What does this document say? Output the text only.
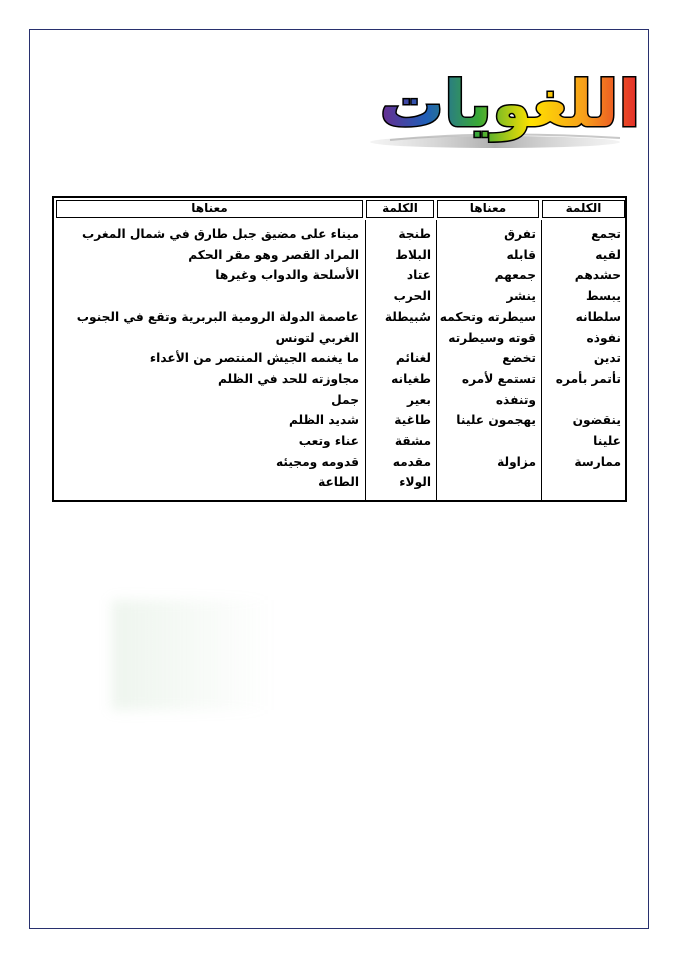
اللغويات
الكلمة
معناها
الكلمة
معناها
تجمع
تفرق
طنجة
ميناء على مضيق جبل طارق في شمال المغرب
لقيه
قابله
البلاط
المراد القصر وهو مقر الحكم
حشدهم
جمعهم
عتاد
الأسلحة والدواب وغيرها
يبسط
ينشر
الحرب
سلطانه
سيطرته وتحكمه
سُبيطلة
عاصمة الدولة الرومية البربرية وتقع في الجنوب
نفوذه
قوته وسيطرته
الغربي لتونس
تدين
تخضع
لغنائم
ما يغنمه الجيش المنتصر من الأعداء
تأتمر بأمره
تستمع لأمره
طغيانه
مجاوزته للحد في الظلم
وتنفذه
بعير
جمل
ينقضون
يهجمون علينا
طاغية
شديد الظلم
علينا
مشقة
عناء وتعب
ممارسة
مزاولة
مقدمه
قدومه ومجيئه
الولاء
الطاعة
